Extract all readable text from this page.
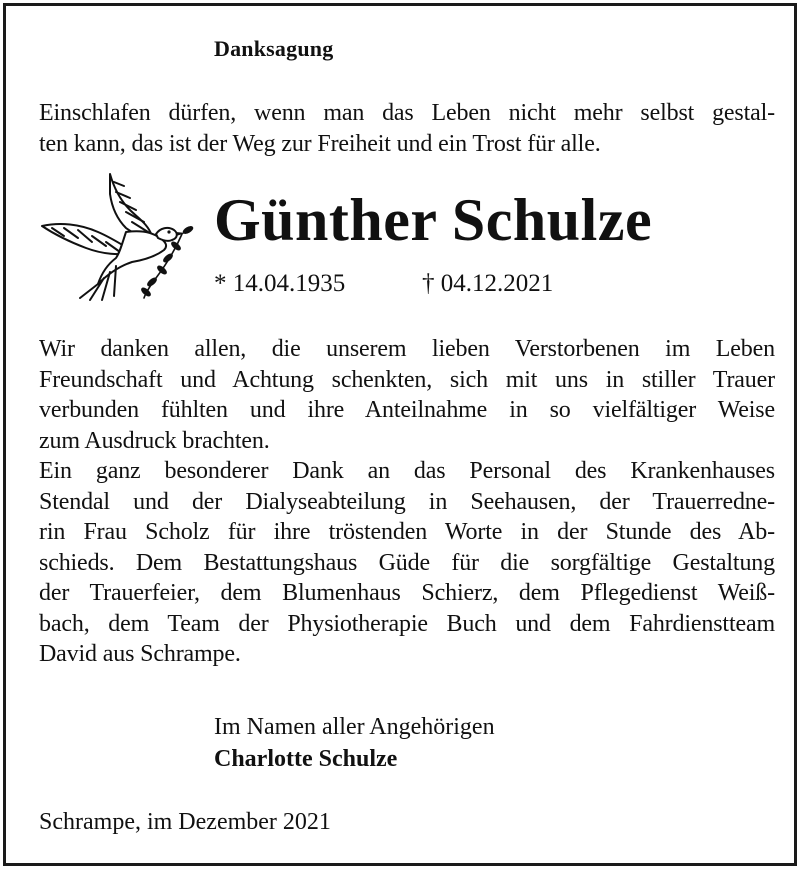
Danksagung
Einschlafen dürfen, wenn man das Leben nicht mehr selbst gestal-
ten kann, das ist der Weg zur Freiheit und ein Trost für alle.
Günther Schulze
* 14.04.1935	† 04.12.2021
Wir danken allen, die unserem lieben Verstorbenen im Leben
Freundschaft und Achtung schenkten, sich mit uns in stiller Trauer
verbunden fühlten und ihre Anteilnahme in so vielfältiger Weise
zum Ausdruck brachten.
Ein ganz besonderer Dank an das Personal des Krankenhauses
Stendal und der Dialyseabteilung in Seehausen, der Trauerredne-
rin Frau Scholz für ihre tröstenden Worte in der Stunde des Ab-
schieds. Dem Bestattungshaus Güde für die sorgfältige Gestaltung
der Trauerfeier, dem Blumenhaus Schierz, dem Pflegedienst Weiß-
bach, dem Team der Physiotherapie Buch und dem Fahrdienstteam
David aus Schrampe.
Im Namen aller Angehörigen
Charlotte Schulze
Schrampe, im Dezember 2021
